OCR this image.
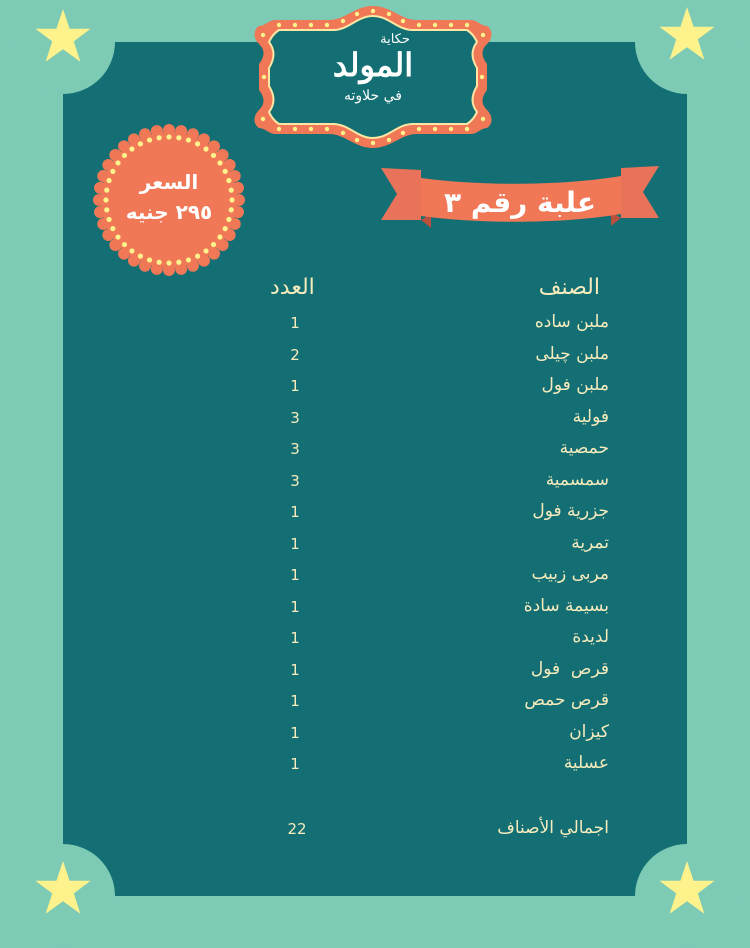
حكاية
المولد
في حلاوته
السعر
٢٩٥ جنيه	علبة رقم ٣
الصنف
العدد
ملبن ساده
1
ملبن چيلى
2
ملبن فول
1
فولية
3
حمصية
3
سمسمية
3
جزرية فول
1
تمرية
1
مربى زبيب
1
بسيمة سادة
1
لديدة
1
قرص  فول
1
قرص حمص
1
كيزان
1
عسلية
1
اجمالي الأصناف
22
